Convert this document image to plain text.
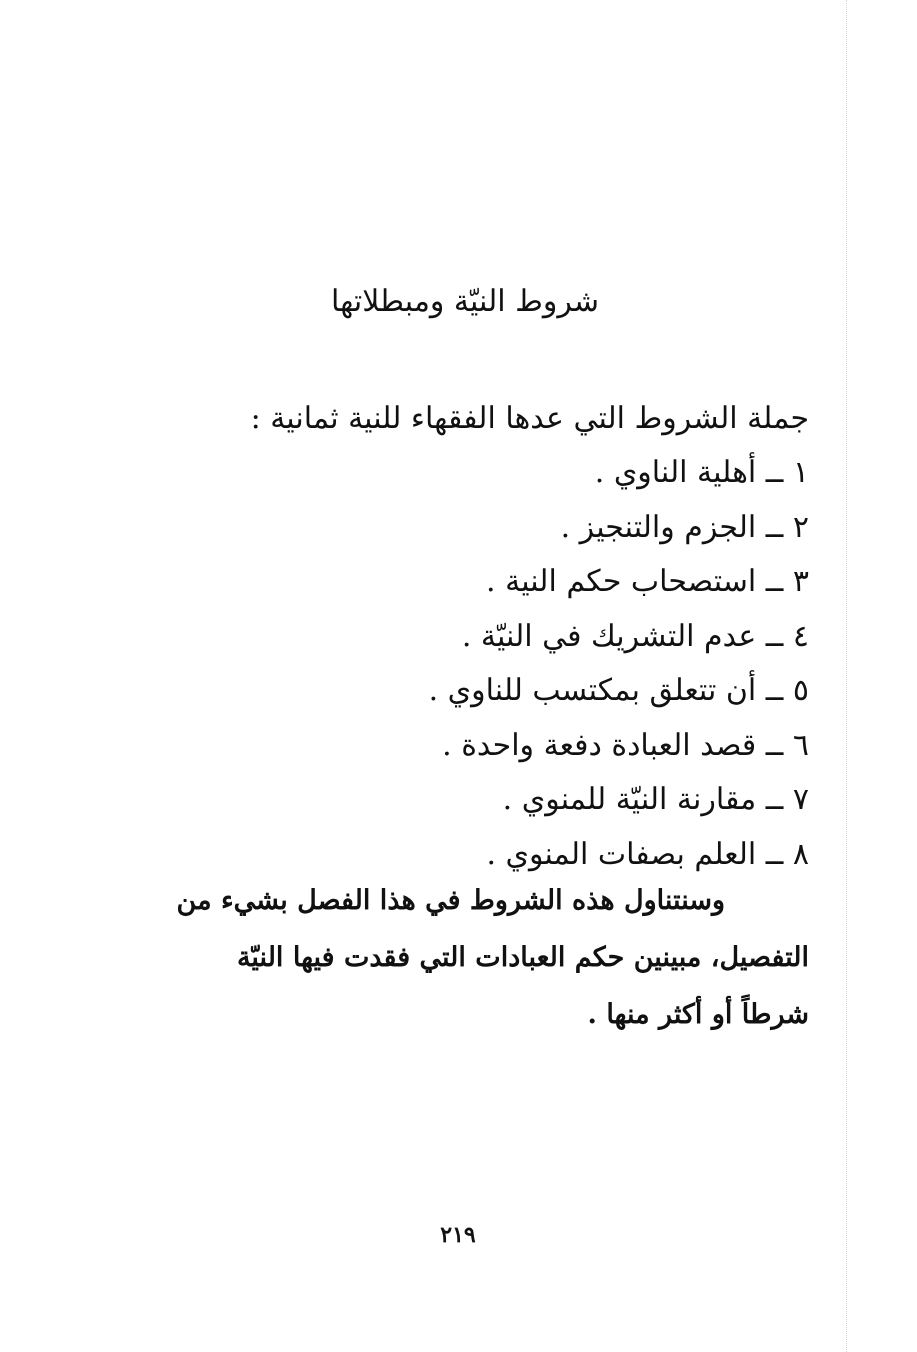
شروط النيّة ومبطلاتها
جملة الشروط التي عدها الفقهاء للنية ثمانية :
١ ــ أهلية الناوي .
٢ ــ الجزم والتنجيز .
٣ ــ استصحاب حكم النية .
٤ ــ عدم التشريك في النيّة .
٥ ــ أن تتعلق بمكتسب للناوي .
٦ ــ قصد العبادة دفعة واحدة .
٧ ــ مقارنة النيّة للمنوي .
٨ ــ العلم بصفات المنوي .
وسنتناول هذه الشروط في هذا الفصل بشيء من
التفصيل، مبينين حكم العبادات التي فقدت فيها النيّة
شرطاً أو أكثر منها .
٢١٩
